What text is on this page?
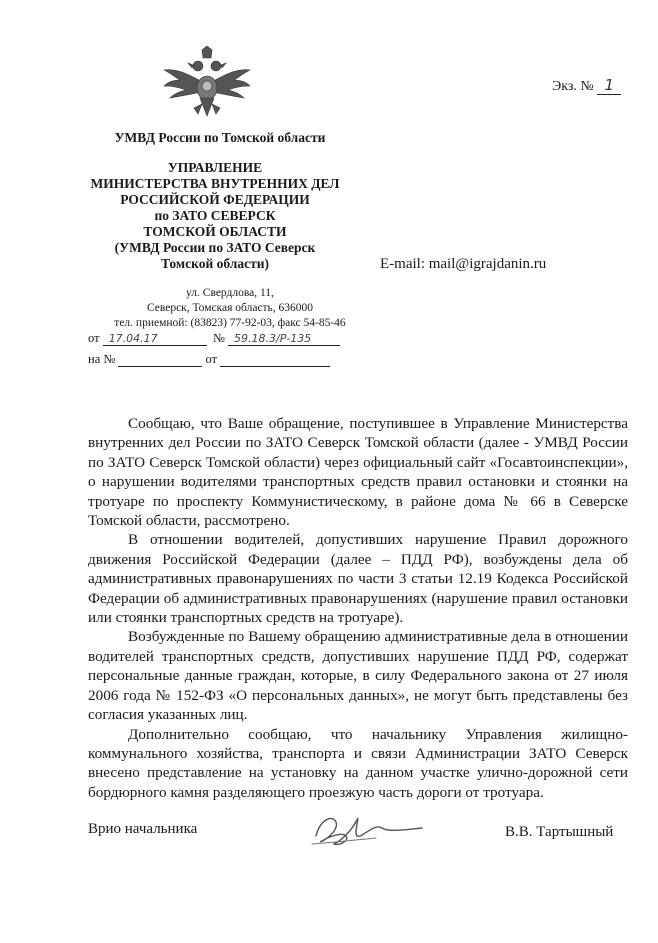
Экз. № 1
УМВД России по Томской области
УПРАВЛЕНИЕ
МИНИСТЕРСТВА ВНУТРЕННИХ ДЕЛ
РОССИЙСКОЙ ФЕДЕРАЦИИ
по ЗАТО СЕВЕРСК
ТОМСКОЙ ОБЛАСТИ
(УМВД России по ЗАТО Северск
Томской области)
ул. Свердлова, 11,
Северск, Томская область, 636000
тел. приемной: (83823) 77-92-03, факс 54-85-46
от 17.04.17	№ 59.18.3/Р-135
на №	от
E-mail: mail@igrajdanin.ru

Сообщаю, что Ваше обращение, поступившее в Управление Министерства внутренних дел России по ЗАТО Северск Томской области (далее - УМВД России по ЗАТО Северск Томской области) через официальный сайт «Госавтоинспекции», о нарушении водителями транспортных средств правил остановки и стоянки на тротуаре по проспекту Коммунистическому, в районе дома № 66 в Северске Томской области, рассмотрено.

В отношении водителей, допустивших нарушение Правил дорожного движения Российской Федерации (далее – ПДД РФ), возбуждены дела об административных правонарушениях по части 3 статьи 12.19 Кодекса Российской Федерации об административных правонарушениях (нарушение правил остановки или стоянки транспортных средств на тротуаре).

Возбужденные по Вашему обращению административные дела в отношении водителей транспортных средств, допустивших нарушение ПДД РФ, содержат персональные данные граждан, которые, в силу Федерального закона от 27 июля 2006 года № 152-ФЗ «О персональных данных», не могут быть представлены без согласия указанных лиц.

Дополнительно сообщаю, что начальнику Управления жилищно-коммунального хозяйства, транспорта и связи Администрации ЗАТО Северск внесено представление на установку на данном участке улично-дорожной сети бордюрного камня разделяющего проезжую часть дороги от тротуара.

Врио начальника	В.В. Тартышный
